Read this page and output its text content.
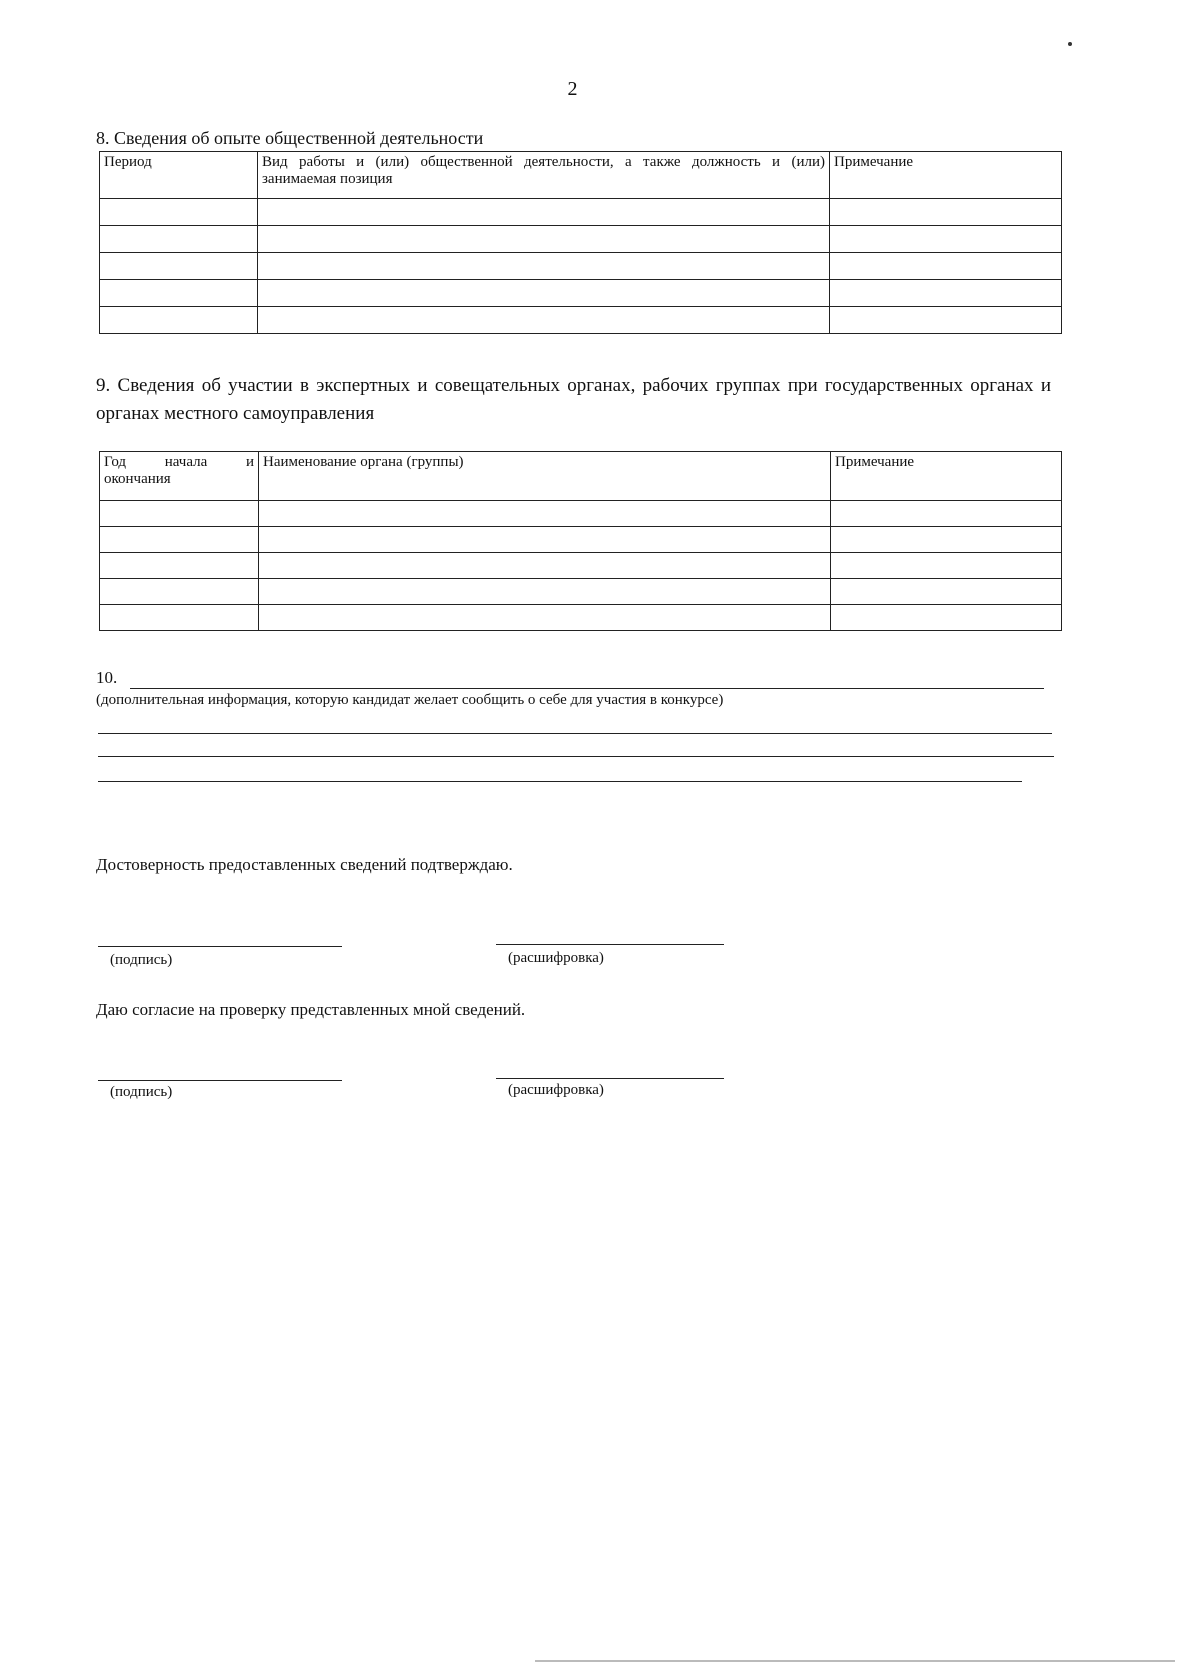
2
8. Сведения об опыте общественной деятельности
Период	Вид работы и (или) общественной деятельности, а также должность и (или) занимаемая позиция	Примечание

9. Сведения об участии в экспертных и совещательных органах, рабочих группах при государственных органах и органах местного самоуправления
Год начала и окончания	Наименование органа (группы)	Примечание

10.
(дополнительная информация, которую кандидат желает сообщить о себе для участия в конкурсе)
Достоверность предоставленных сведений подтверждаю.
(подпись)	(расшифровка)
Даю согласие на проверку представленных мной сведений.
(подпись)	(расшифровка)
